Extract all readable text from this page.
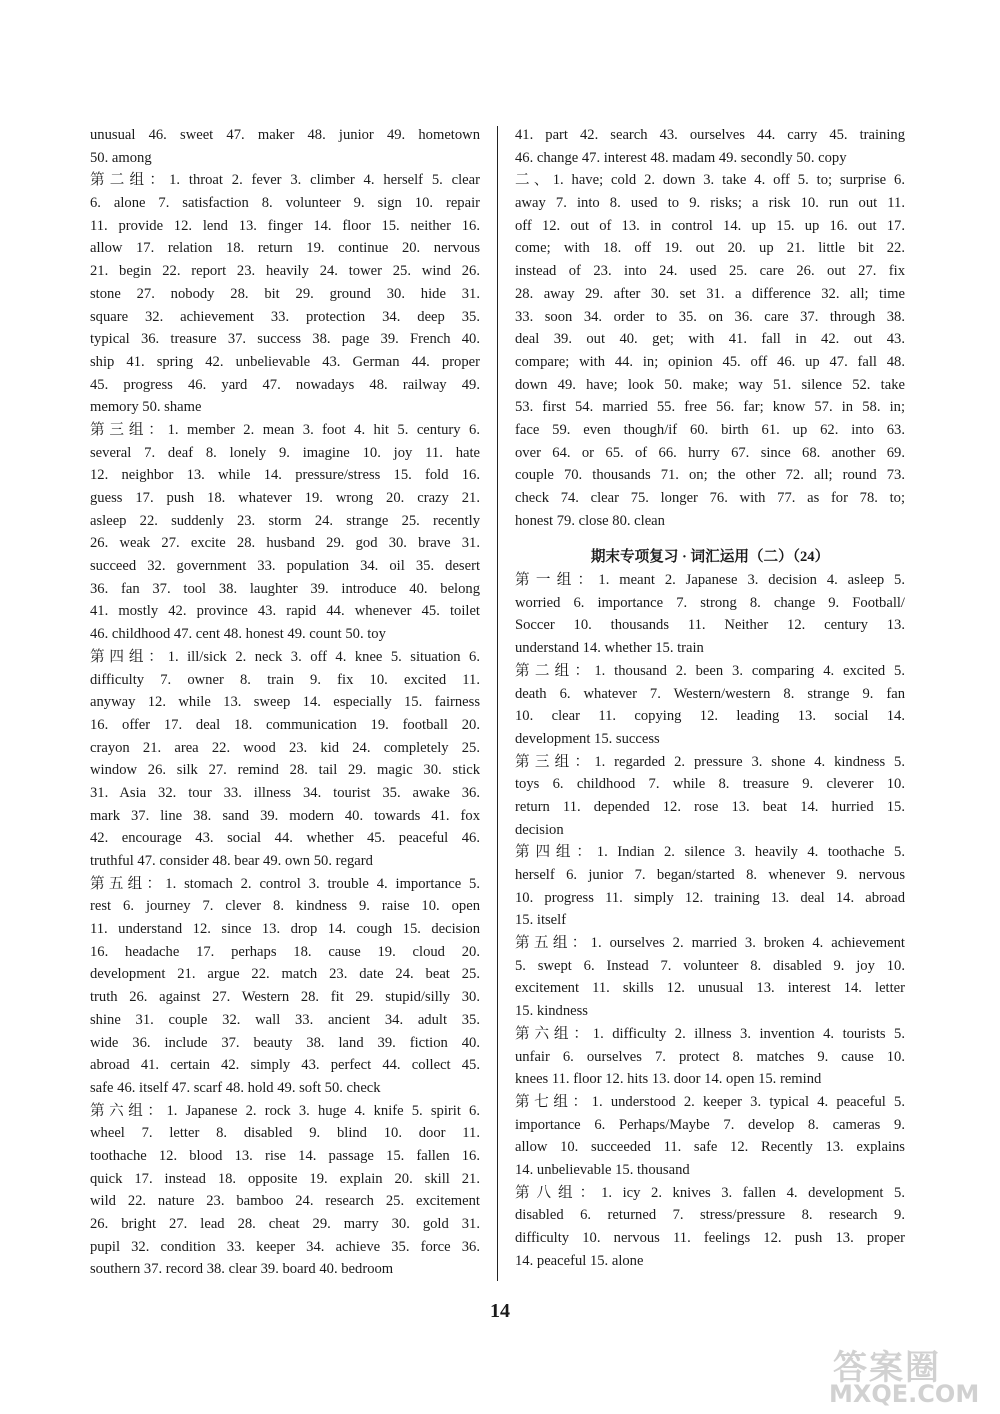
unusual 46. sweet 47. maker 48. junior 49. hometown
50. among
第二组：1. throat 2. fever 3. climber 4. herself 5. clear
6. alone 7. satisfaction 8. volunteer 9. sign 10. repair
11. provide 12. lend 13. finger 14. floor 15. neither 16.
allow 17. relation 18. return 19. continue 20. nervous
21. begin 22. report 23. heavily 24. tower 25. wind 26.
stone 27. nobody 28. bit 29. ground 30. hide 31.
square 32. achievement 33. protection 34. deep 35.
typical 36. treasure 37. success 38. page 39. French 40.
ship 41. spring 42. unbelievable 43. German 44. proper
45. progress 46. yard 47. nowadays 48. railway 49.
memory 50. shame
第三组：1. member 2. mean 3. foot 4. hit 5. century 6.
several 7. deaf 8. lonely 9. imagine 10. joy 11. hate
12. neighbor 13. while 14. pressure/stress 15. fold 16.
guess 17. push 18. whatever 19. wrong 20. crazy 21.
asleep 22. suddenly 23. storm 24. strange 25. recently
26. weak 27. excite 28. husband 29. god 30. brave 31.
succeed 32. government 33. population 34. oil 35. desert
36. fan 37. tool 38. laughter 39. introduce 40. belong
41. mostly 42. province 43. rapid 44. whenever 45. toilet
46. childhood 47. cent 48. honest 49. count 50. toy
第四组：1. ill/sick 2. neck 3. off 4. knee 5. situation 6.
difficulty 7. owner 8. train 9. fix 10. excited 11.
anyway 12. while 13. sweep 14. especially 15. fairness
16. offer 17. deal 18. communication 19. football 20.
crayon 21. area 22. wood 23. kid 24. completely 25.
window 26. silk 27. remind 28. tail 29. magic 30. stick
31. Asia 32. tour 33. illness 34. tourist 35. awake 36.
mark 37. line 38. sand 39. modern 40. towards 41. fox
42. encourage 43. social 44. whether 45. peaceful 46.
truthful 47. consider 48. bear 49. own 50. regard
第五组：1. stomach 2. control 3. trouble 4. importance 5.
rest 6. journey 7. clever 8. kindness 9. raise 10. open
11. understand 12. since 13. drop 14. cough 15. decision
16. headache 17. perhaps 18. cause 19. cloud 20.
development 21. argue 22. match 23. date 24. beat 25.
truth 26. against 27. Western 28. fit 29. stupid/silly 30.
shine 31. couple 32. wall 33. ancient 34. adult 35.
wide 36. include 37. beauty 38. land 39. fiction 40.
abroad 41. certain 42. simply 43. perfect 44. collect 45.
safe 46. itself 47. scarf 48. hold 49. soft 50. check
第六组：1. Japanese 2. rock 3. huge 4. knife 5. spirit 6.
wheel 7. letter 8. disabled 9. blind 10. door 11.
toothache 12. blood 13. rise 14. passage 15. fallen 16.
quick 17. instead 18. opposite 19. explain 20. skill 21.
wild 22. nature 23. bamboo 24. research 25. excitement
26. bright 27. lead 28. cheat 29. marry 30. gold 31.
pupil 32. condition 33. keeper 34. achieve 35. force 36.
southern 37. record 38. clear 39. board 40. bedroom
41. part 42. search 43. ourselves 44. carry 45. training
46. change 47. interest 48. madam 49. secondly 50. copy
二、1. have; cold 2. down 3. take 4. off 5. to; surprise 6.
away 7. into 8. used to 9. risks; a risk 10. run out 11.
off 12. out of 13. in control 14. up 15. up 16. out 17.
come; with 18. off 19. out 20. up 21. little bit 22.
instead of 23. into 24. used 25. care 26. out 27. fix
28. away 29. after 30. set 31. a difference 32. all; time
33. soon 34. order to 35. on 36. care 37. through 38.
deal 39. out 40. get; with 41. fall in 42. out 43.
compare; with 44. in; opinion 45. off 46. up 47. fall 48.
down 49. have; look 50. make; way 51. silence 52. take
53. first 54. married 55. free 56. far; know 57. in 58. in;
face 59. even though/if 60. birth 61. up 62. into 63.
over 64. or 65. of 66. hurry 67. since 68. another 69.
couple 70. thousands 71. on; the other 72. all; round 73.
check 74. clear 75. longer 76. with 77. as for 78. to;
honest 79. close 80. clean
期末专项复习 · 词汇运用（二）（24）
第一组：1. meant 2. Japanese 3. decision 4. asleep 5.
worried 6. importance 7. strong 8. change 9. Football/
Soccer 10. thousands 11. Neither 12. century 13.
understand 14. whether 15. train
第二组：1. thousand 2. been 3. comparing 4. excited 5.
death 6. whatever 7. Western/western 8. strange 9. fan
10. clear 11. copying 12. leading 13. social 14.
development 15. success
第三组：1. regarded 2. pressure 3. shone 4. kindness 5.
toys 6. childhood 7. while 8. treasure 9. cleverer 10.
return 11. depended 12. rose 13. beat 14. hurried 15.
decision
第四组：1. Indian 2. silence 3. heavily 4. toothache 5.
herself 6. junior 7. began/started 8. whenever 9. nervous
10. progress 11. simply 12. training 13. deal 14. abroad
15. itself
第五组：1. ourselves 2. married 3. broken 4. achievement
5. swept 6. Instead 7. volunteer 8. disabled 9. joy 10.
excitement 11. skills 12. unusual 13. interest 14. letter
15. kindness
第六组：1. difficulty 2. illness 3. invention 4. tourists 5.
unfair 6. ourselves 7. protect 8. matches 9. cause 10.
knees 11. floor 12. hits 13. door 14. open 15. remind
第七组：1. understood 2. keeper 3. typical 4. peaceful 5.
importance 6. Perhaps/Maybe 7. develop 8. cameras 9.
allow 10. succeeded 11. safe 12. Recently 13. explains
14. unbelievable 15. thousand
第八组：1. icy 2. knives 3. fallen 4. development 5.
disabled 6. returned 7. stress/pressure 8. research 9.
difficulty 10. nervous 11. feelings 12. push 13. proper
14. peaceful 15. alone
14
答案圈
MXQE.COM
